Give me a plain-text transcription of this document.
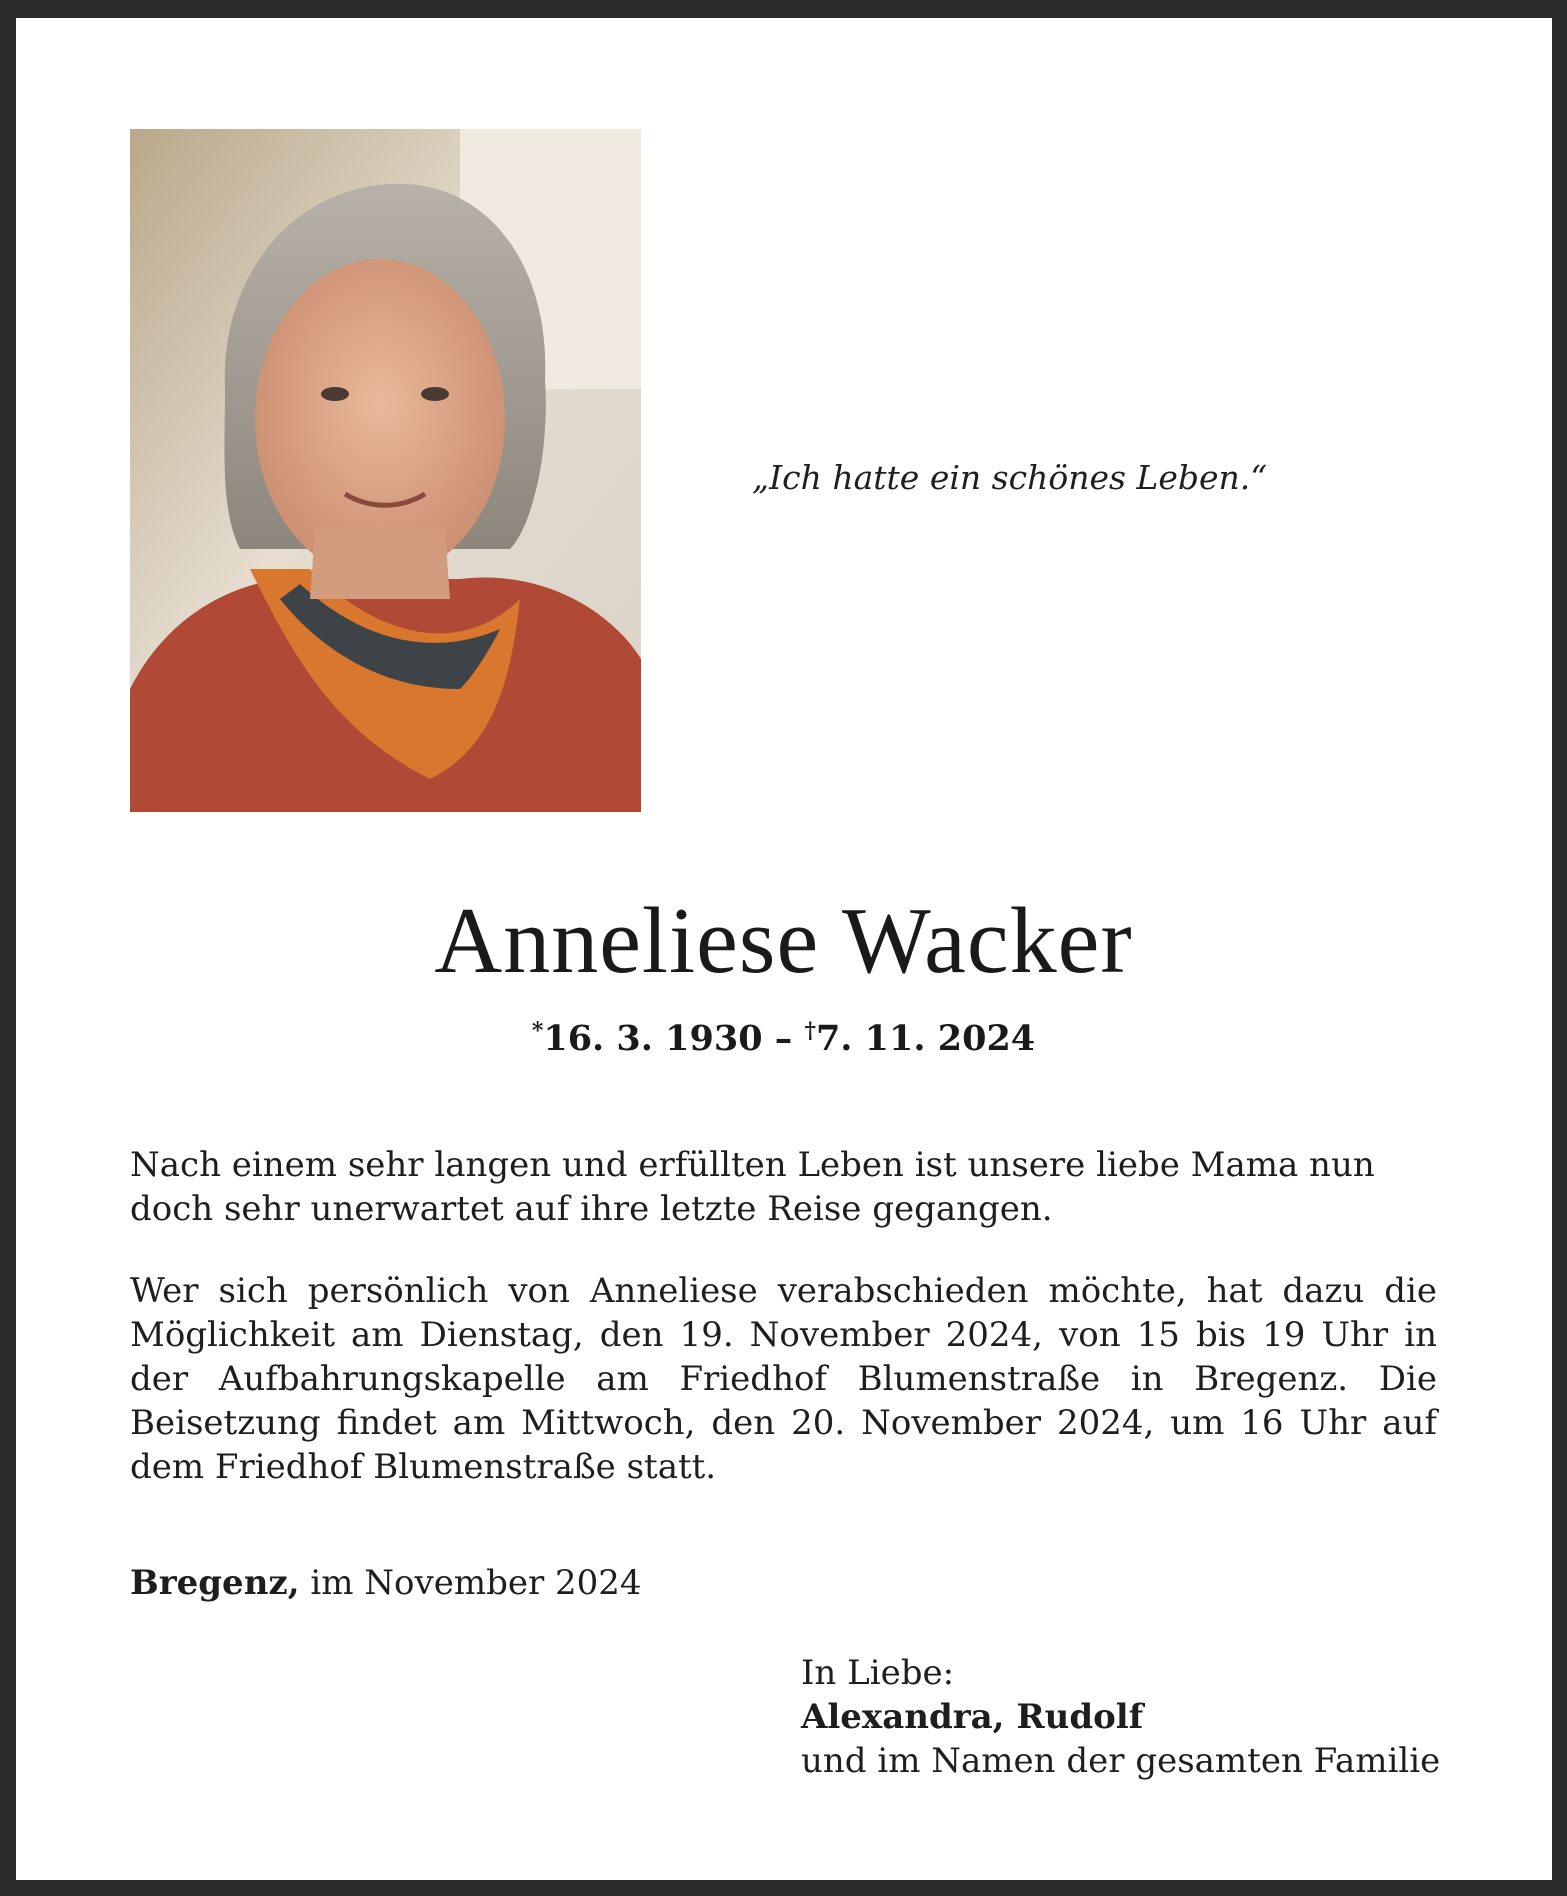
„Ich hatte ein schönes Leben.“
Anneliese Wacker
*16. 3. 1930 – †7. 11. 2024
Nach einem sehr langen und erfüllten Leben ist unsere liebe Mama nun doch sehr unerwartet auf ihre letzte Reise gegangen.
Wer sich persönlich von Anneliese verabschieden möchte, hat dazu die Möglichkeit am Dienstag, den 19. November 2024, von 15 bis 19 Uhr in der Aufbahrungskapelle am Friedhof Blumenstraße in Bregenz. Die Beisetzung findet am Mittwoch, den 20. November 2024, um 16 Uhr auf dem Friedhof Blumenstraße statt.
Bregenz, im November 2024
In Liebe:
Alexandra, Rudolf
und im Namen der gesamten Familie
